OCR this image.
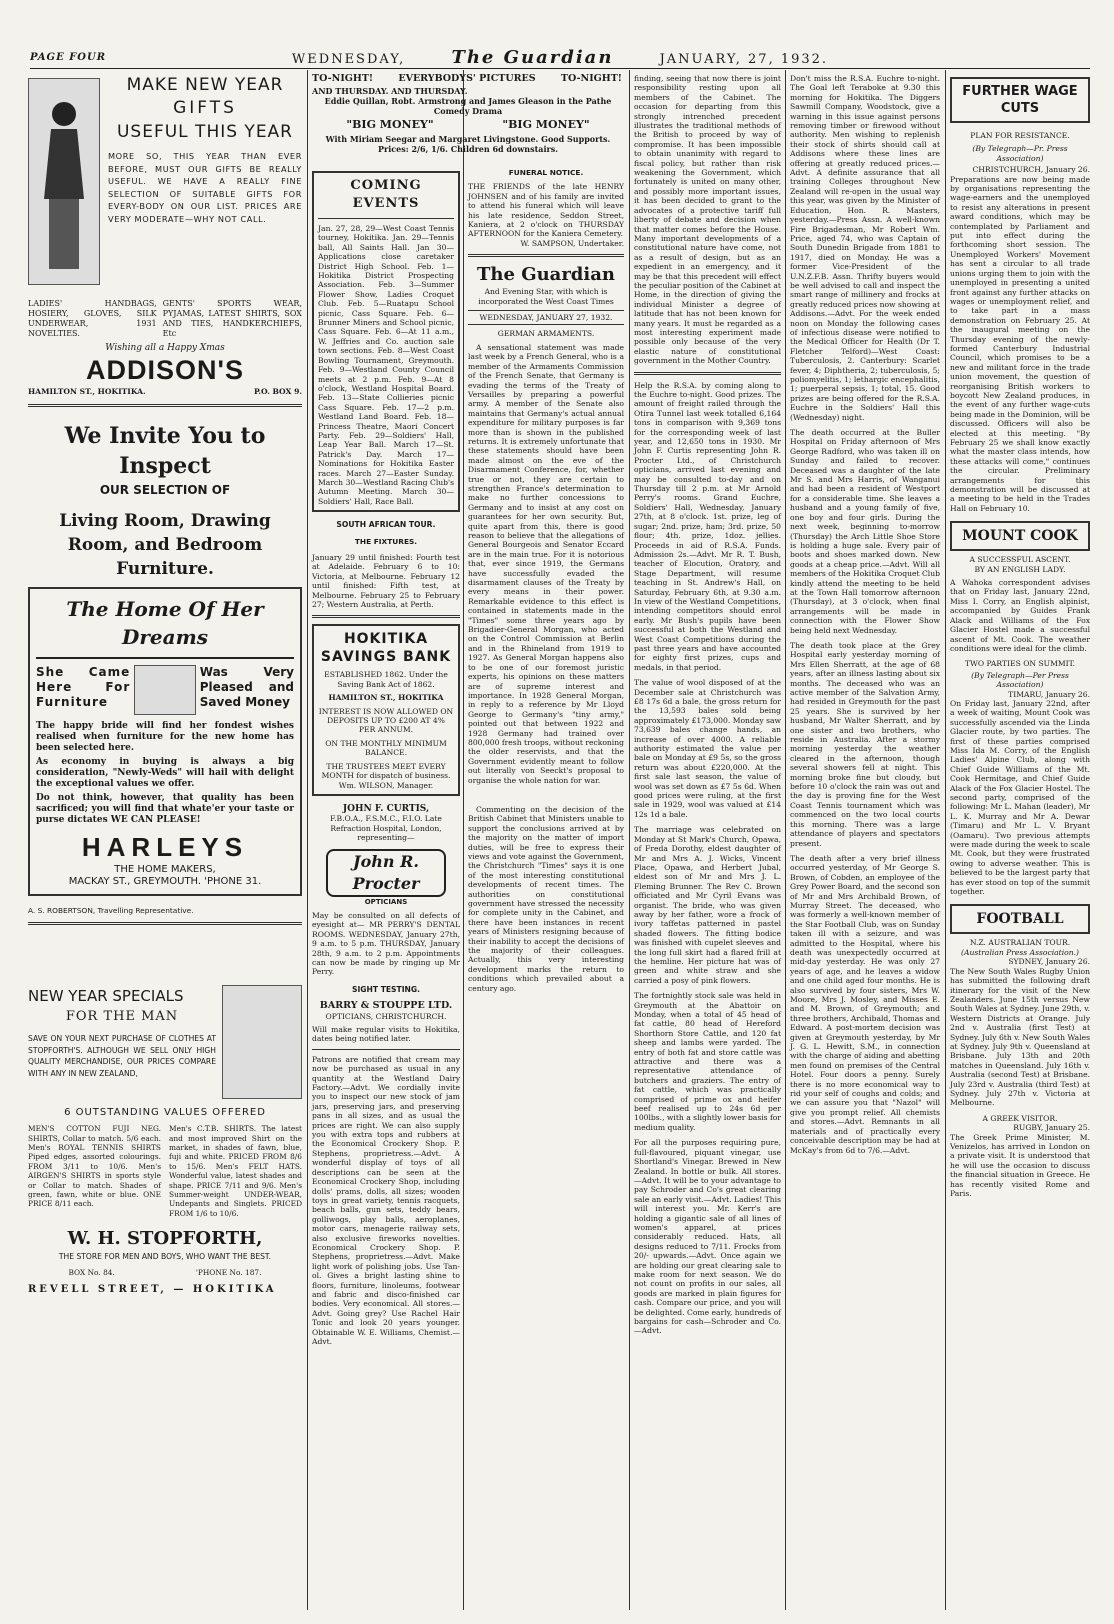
PAGE FOUR	WEDNESDAY,	The Guardian	JANUARY, 27, 1932.
MAKE NEW YEAR
GIFTS
USEFUL THIS YEAR
MORE SO, THIS YEAR THAN EVER BEFORE, MUST OUR GIFTS BE REALLY USEFUL. WE HAVE A REALLY FINE SELECTION OF SUITABLE GIFTS FOR EVERY-BODY ON OUR LIST. PRICES ARE VERY MODERATE—WHY NOT CALL.
LADIES' HANDBAGS, HOSIERY, GLOVES, SILK UNDERWEAR, 1931 NOVELTIES.
GENTS' SPORTS WEAR, PYJAMAS, LATEST SHIRTS, SOX AND TIES, HANDKERCHIEFS, Etc
Wishing all a Happy Xmas
ADDISON'S
HAMILTON ST., HOKITIKA.	P.O. BOX 9.
We Invite You to Inspect
OUR SELECTION OF
Living Room, Drawing Room, and Bedroom Furniture.
The Home Of Her Dreams
She Came Here For Furniture
Was Very Pleased and Saved Money
The happy bride will find her fondest wishes realised when furniture for the new home has been selected here.
As economy in buying is always a big consideration, "Newly-Weds" will hail with delight the exceptional values we offer.
Do not think, however, that quality has been sacrificed; you will find that whate'er your taste or purse dictates WE CAN PLEASE!
HARLEYS
THE HOME MAKERS,
MACKAY ST., GREYMOUTH. 'PHONE 31.
A. S. ROBERTSON, Travelling Representative.
NEW YEAR SPECIALS
FOR THE MAN
SAVE ON YOUR NEXT PURCHASE OF CLOTHES AT STOPFORTH'S. ALTHOUGH WE SELL ONLY HIGH QUALITY MERCHANDISE, OUR PRICES COMPARE WITH ANY IN NEW ZEALAND,
6 OUTSTANDING VALUES OFFERED
MEN'S COTTON FUJI NEG. SHIRTS, Collar to match. 5/6 each. Men's ROYAL TENNIS SHIRTS Piped edges, assorted colourings. FROM 3/11 to 10/6. Men's AIRGEN'S SHIRTS in sports style or Collar to match. Shades of green, fawn, white or blue. ONE PRICE 8/11 each.
Men's C.T.B. SHIRTS. The latest and most improved Shirt on the market, in shades of fawn, blue, fuji and white. PRICED FROM 8/6 to 15/6. Men's FELT HATS. Wonderful value, latest shades and shape. PRICE 7/11 and 9/6. Men's Summer-weight UNDER-WEAR, Undepants and Singlets. PRICED FROM 1/6 to 10/6.
W. H. STOPFORTH,
THE STORE FOR MEN AND BOYS, WHO WANT THE BEST.
BOX No. 84.	'PHONE No. 187.
REVELL STREET, — HOKITIKA
TO-NIGHT!	EVERYBODYS' PICTURES	TO-NIGHT!
AND THURSDAY. AND THURSDAY.
Eddie Quillan, Robt. Armstrong and James Gleason in the Pathe Comedy Drama
"BIG MONEY"	"BIG MONEY"
With Miriam Seegar and Margaret Livingstone. Good Supports. Prices: 2/6, 1/6. Children 6d downstairs.
COMING EVENTS
Jan. 27, 28, 29—West Coast Tennis tourney, Hokitika. Jan. 29—Tennis ball, All Saints Hall. Jan 30—Applications close caretaker District High School. Feb. 1—Hokitika District Prospecting Association. Feb. 3—Summer Flower Show, Ladies Croquet Club. Feb. 5—Ruatapu School picnic, Cass Square. Feb. 6—Brunner Miners and School picnic, Cass Square. Feb. 6—At 11 a.m., W. Jeffries and Co. auction sale town sections. Feb. 8—West Coast Bowling Tournament, Greymouth. Feb. 9—Westland County Council meets at 2 p.m. Feb. 9—At 8 o'clock, Westland Hospital Board. Feb. 13—State Collieries picnic Cass Square. Feb. 17—2 p.m. Westland Land Board. Feb. 18—Princess Theatre, Maori Concert Party. Feb. 29—Soldiers' Hall, Leap Year Ball. March 17—St. Patrick's Day. March 17—Nominations for Hokitika Easter races. March 27—Easter Sunday. March 30—Westland Racing Club's Autumn Meeting. March 30—Soldiers' Hall, Race Ball.
SOUTH AFRICAN TOUR.
THE FIXTURES.
January 29 until finished: Fourth test at Adelaide. February 6 to 10: Victoria, at Melbourne. February 12 until finished: Fifth test, at Melbourne. February 25 to February 27; Western Australia, at Perth.
HOKITIKA SAVINGS BANK
ESTABLISHED 1862. Under the Saving Bank Act of 1862.
HAMILTON ST., HOKITIKA
INTEREST IS NOW ALLOWED ON DEPOSITS UP TO £200 AT 4% PER ANNUM.
ON THE MONTHLY MINIMUM BALANCE.
THE TRUSTEES MEET EVERY MONTH for dispatch of business. Wm. WILSON, Manager.
JOHN F. CURTIS,
F.B.O.A., F.S.M.C., F.I.O. Late Refraction Hospital, London, representing—
John R. Procter
OPTICIANS
May be consulted on all defects of eyesight at— MR PERRY'S DENTAL ROOMS. WEDNESDAY, January 27th, 9 a.m. to 5 p.m. THURSDAY, January 28th, 9 a.m. to 2 p.m. Appointments can now be made by ringing up Mr Perry.
SIGHT TESTING.
BARRY & STOUPPE LTD.
OPTICIANS, CHRISTCHURCH.
Will make regular visits to Hokitika, dates being notified later.
Patrons are notified that cream may now be purchased as usual in any quantity at the Westland Dairy Factory.—Advt. We cordially invite you to inspect our new stock of jam jars, preserving jars, and preserving pans in all sizes, and as usual the prices are right. We can also supply you with extra tops and rubbers at the Economical Crockery Shop. P. Stephens, proprietress.—Advt. A wonderful display of toys of all descriptions can be seen at the Economical Crockery Shop, including dolls' prams, dolls, all sizes; wooden toys in great variety, tennis racquets, beach balls, gun sets, teddy bears, golliwogs, play balls, aeroplanes, motor cars, menagerie railway sets, also exclusive fireworks novelties. Economical Crockery Shop. P. Stephens, proprietress.—Advt. Make light work of polishing jobs. Use Tan-ol. Gives a bright lasting shine to floors, furniture, linoleums, footwear and fabric and disco-finished car bodies. Very economical. All stores.—Advt. Going grey? Use Rachel Hair Tonic and look 20 years younger. Obtainable W. E. Williams, Chemist.—Advt.
FUNERAL NOTICE.
THE FRIENDS of the late HENRY JOHNSEN and of his family are invited to attend his funeral which will leave his late residence, Seddon Street, Kaniera, at 2 o'clock on THURSDAY AFTERNOON for the Kaniera Cemetery.
W. SAMPSON, Undertaker.
The Guardian
And Evening Star, with which is incorporated the West Coast Times
WEDNESDAY, JANUARY 27, 1932.
GERMAN ARMAMENTS.
A sensational statement was made last week by a French General, who is a member of the Armaments Commission of the French Senate, that Germany is evading the terms of the Treaty of Versailles by preparing a powerful army. A member of the Senate also maintains that Germany's actual annual expenditure for military purposes is far more than is shown in the published returns. It is extremely unfortunate that these statements should have been made almost on the eve of the Disarmament Conference, for, whether true or not, they are certain to strengthen France's determination to make no further concessions to Germany and to insist at any cost on guarantees for her own security. But, quite apart from this, there is good reason to believe that the allegations of General Bourgeois and Senator Eccard are in the main true. For it is notorious that, ever since 1919, the Germans have successfully evaded the disarmament clauses of the Treaty by every means in their power. Remarkable evidence to this effect is contained in statements made in the "Times" some three years ago by Brigadier-General Morgan, who acted on the Control Commission at Berlin and in the Rhineland from 1919 to 1927. As General Morgan happens also to be one of our foremost juristic experts, his opinions on these matters are of supreme interest and importance. In 1928 General Morgan, in reply to a reference by Mr Lloyd George to Germany's "tiny army," pointed out that between 1922 and 1928 Germany had trained over 800,000 fresh troops, without reckoning the older reservists, and that the Government evidently meant to follow out literally von Seeckt's proposal to organise the whole nation for war.
Commenting on the decision of the British Cabinet that Ministers unable to support the conclusions arrived at by the majority on the matter of import duties, will be free to express their views and vote against the Government, the Christchurch "Times" says it is one of the most interesting constitutional developments of recent times. The authorities on constitutional government have stressed the necessity for complete unity in the Cabinet, and there have been instances in recent years of Ministers resigning because of their inability to accept the decisions of the majority of their colleagues. Actually, this very interesting development marks the return to conditions which prevailed about a century ago.
finding, seeing that now there is joint responsibility resting upon all members of the Cabinet. The occasion for departing from this strongly intrenched precedent illustrates the traditional methods of the British to proceed by way of compromise. It has been impossible to obtain unanimity with regard to fiscal policy, but rather than risk weakening the Government, which fortunately is united on many other, and possibly more important issues, it has been decided to grant to the advocates of a protective tariff full liberty of debate and decision when that matter comes before the House. Many important developments of a constitutional nature have come, not as a result of design, but as an expedient in an emergency, and it may be that this precedent will effect the peculiar position of the Cabinet at Home, in the direction of giving the individual Minister a degree of latitude that has not been known for many years. It must be regarded as a most interesting experiment made possible only because of the very elastic nature of constitutional government in the Mother Country.
Help the R.S.A. by coming along to the Euchre to-night. Good prizes. The amount of freight railed through the Otira Tunnel last week totalled 6,164 tons in comparison with 9,369 tons for the corresponding week of last year, and 12,650 tons in 1930. Mr John F. Curtis representing John R. Procter Ltd., of Christchurch opticians, arrived last evening and may be consulted to-day and on Thursday till 2 p.m. at Mr Arnold Perry's rooms. Grand Euchre, Soldiers' Hall, Wednesday, January 27th, at 8 o'clock. 1st. prize, leg of sugar; 2nd. prize, ham; 3rd. prize, 50 flour; 4th. prize, 1doz. jellies. Proceeds in aid of R.S.A. Funds. Admission 2s.—Advt. Mr R. T. Bush, teacher of Elocution, Oratory, and Stage Department, will resume teaching in St. Andrew's Hall, on Saturday, February 6th, at 9.30 a.m. In view of the Westland Competitions, intending competitors should enrol early. Mr Bush's pupils have been successful at both the Westland and West Coast Competitions during the past three years and have accounted for eighty first prizes, cups and medals, in that period.
The value of wool disposed of at the December sale at Christchurch was £8 17s 6d a bale, the gross return for the 13,593 bales sold being approximately £173,000. Monday saw 73,639 bales change hands, an increase of over 4000. A reliable authority estimated the value per bale on Monday at £9 5s, so the gross return was about £220,000. At the first sale last season, the value of wool was set down as £7 5s 6d. When good prices were ruling, at the first sale in 1929, wool was valued at £14 12s 1d a bale.
The marriage was celebrated on Monday at St Mark's Church, Opawa, of Freda Dorothy, eldest daughter of Mr and Mrs A. J. Wicks, Vincent Place, Opawa, and Herbert Jubal, eldest son of Mr and Mrs J. L. Fleming Brunner. The Rev C. Brown officiated and Mr Cyril Evans was organist. The bride, who was given away by her father, wore a frock of ivory taffetas patterned in pastel shaded flowers. The fitting bodice was finished with cupelet sleeves and the long full skirt had a flared frill at the hemline. Her picture hat was of green and white straw and she carried a posy of pink flowers.
The fortnightly stock sale was held in Greymouth at the Abattoir on Monday, when a total of 45 head of fat cattle, 80 head of Hereford Shorthorn Store Cattle, and 120 fat sheep and lambs were yarded. The entry of both fat and store cattle was attractive and there was a representative attendance of butchers and graziers. The entry of fat cattle, which was practically comprised of prime ox and heifer beef realised up to 24s 6d per 100lbs., with a slightly lower basis for medium quality.
For all the purposes requiring pure, full-flavoured, piquant vinegar, use Shortland's Vinegar. Brewed in New Zealand. In bottle or bulk. All stores.—Advt. It will be to your advantage to pay Schroder and Co's great clearing sale an early visit.—Advt. Ladies! This will interest you. Mr. Kerr's are holding a gigantic sale of all lines of women's apparel, at prices considerably reduced. Hats, all designs reduced to 7/11. Frocks from 20/- upwards.—Advt. Once again we are holding our great clearing sale to make room for next season. We do not count on profits in our sales, all goods are marked in plain figures for cash. Compare our price, and you will be delighted. Come early, hundreds of bargains for cash—Schroder and Co.—Advt.
Don't miss the R.S.A. Euchre to-night. The Goal left Teraboke at 9.30 this morning for Hokitika. The Diggers Sawmill Company, Woodstock, give a warning in this issue against persons removing timber or firewood without authority. Men wishing to replenish their stock of shirts should call at Addisons where these lines are offering at greatly reduced prices.—Advt. A definite assurance that all training Colleges throughout New Zealand will re-open in the usual way this year, was given by the Minister of Education, Hon. R. Masters, yesterday.—Press Assn. A well-known Fire Brigadesman, Mr Robert Wm. Price, aged 74, who was Captain of South Dunedin Brigade from 1881 to 1917, died on Monday. He was a former Vice-President of the U.N.Z.F.B. Assn. Thrifty buyers would be well advised to call and inspect the smart range of millinery and frocks at greatly reduced prices now showing at Addisons.—Advt. For the week ended noon on Monday the following cases of infectious disease were notified to the Medical Officer for Health (Dr T. Fletcher Telford)—West Coast: Tuberculosis, 2. Canterbury: Scarlet fever, 4; Diphtheria, 2; tuberculosis, 5; poliomyelitis, 1; lethargic encephalitis, 1; puerperal sepsis, 1; total, 15. Good prizes are being offered for the R.S.A. Euchre in the Soldiers' Hall this (Wednesday) night.
The death occurred at the Buller Hospital on Friday afternoon of Mrs George Radford, who was taken ill on Sunday and failed to recover. Deceased was a daughter of the late Mr S. and Mrs Harris, of Wanganui and had been a resident of Westport for a considerable time. She leaves a husband and a young family of five, one boy and four girls. During the next week, beginning to-morrow (Thursday) the Arch Little Shoe Store is holding a huge sale. Every pair of boots and shoes marked down. New goods at a cheap price.—Advt. Will all members of the Hokitika Croquet Club kindly attend the meeting to be held at the Town Hall tomorrow afternoon (Thursday), at 3 o'clock, when final arrangements will be made in connection with the Flower Show being held next Wednesday.
The death took place at the Grey Hospital early yesterday morning of Mrs Ellen Sherratt, at the age of 68 years, after an illness lasting about six months. The deceased who was an active member of the Salvation Army, had resided in Greymouth for the past 25 years. She is survived by her husband, Mr Walter Sherratt, and by one sister and two brothers, who reside in Australia. After a stormy morning yesterday the weather cleared in the afternoon, though several showers fell at night. This morning broke fine but cloudy, but before 10 o'clock the rain was out and the day is proving fine for the West Coast Tennis tournament which was commenced on the two local courts this morning. There was a large attendance of players and spectators present.
The death after a very brief illness occurred yesterday, of Mr George S. Brown, of Cobden, an employee of the Grey Power Board, and the second son of Mr and Mrs Archibald Brown, of Murray Street. The deceased, who was formerly a well-known member of the Star Football Club, was on Sunday taken ill with a seizure, and was admitted to the Hospital, where his death was unexpectedly occurred at mid-day yesterday. He was only 27 years of age, and he leaves a widow and one child aged four months. He is also survived by four sisters, Mrs W. Moore, Mrs J. Mosley, and Misses E. and M. Brown, of Greymouth; and three brothers, Archibald, Thomas and Edward. A post-mortem decision was given at Greymouth yesterday, by Mr J. G. L. Hewitt, S.M., in connection with the charge of aiding and abetting men found on premises of the Central Hotel. Four doors a penny. Surely there is no more economical way to rid your self of coughs and colds; and we can assure you that "Nazol" will give you prompt relief. All chemists and stores.—Advt. Remnants in all materials and of practically every conceivable description may be had at McKay's from 6d to 7/6.—Advt.
FURTHER WAGE CUTS
PLAN FOR RESISTANCE.
(By Telegraph—Pr. Press Association)
CHRISTCHURCH, January 26.
Preparations are now being made by organisations representing the wage-earners and the unemployed to resist any alterations in present award conditions, which may be contemplated by Parliament and put into effect during the forthcoming short session. The Unemployed Workers' Movement has sent a circular to all trade unions urging them to join with the unemployed in presenting a united front against any further attacks on wages or unemployment relief, and to take part in a mass demonstration on February 25. At the inaugural meeting on the Thursday evening of the newly-formed Canterbury Industrial Council, which promises to be a new and militant force in the trade union movement, the question of reorganising British workers to boycott New Zealand produces, in the event of any further wage-cuts being made in the Dominion, will be discussed. Officers will also be elected at this meeting. "By February 25 we shall know exactly what the master class intends, how these attacks will come," continues the circular. Preliminary arrangements for this demonstration will be discussed at a meeting to be held in the Trades Hall on February 10.
MOUNT COOK
A SUCCESSFUL ASCENT.
BY AN ENGLISH LADY.
A Wahoka correspondent advises that on Friday last, January 22nd, Miss I. Corry, an English alpinist, accompanied by Guides Frank Alack and Williams of the Fox Glacier Hostel made a successful ascent of Mt. Cook. The weather conditions were ideal for the climb.
TWO PARTIES ON SUMMIT.
(By Telegraph—Per Press Association)
TIMARU, January 26.
On Friday last, January 22nd, after a week of waiting, Mount Cook was successfully ascended via the Linda Glacier route, by two parties. The first of these parties comprised Miss Ida M. Corry, of the English Ladies' Alpine Club, along with Chief Guide Williams of the Mt. Cook Hermitage, and Chief Guide Alack of the Fox Glacier Hostel. The second party, comprised of the following: Mr L. Mahan (leader), Mr L. K. Murray and Mr A. Dewar (Timaru) and Mr L. V. Bryant (Oamaru). Two previous attempts were made during the week to scale Mt. Cook, but they were frustrated owing to adverse weather. This is believed to be the largest party that has ever stood on top of the summit together.
FOOTBALL
N.Z. AUSTRALIAN TOUR.
(Australian Press Association.)
SYDNEY, January 26.
The New South Wales Rugby Union has submitted the following draft itinerary for the visit of the New Zealanders. June 15th versus New South Wales at Sydney. June 29th, v. Western Districts at Orange. July 2nd v. Australia (first Test) at Sydney. July 6th v. New South Wales at Sydney. July 9th v. Queensland at Brisbane. July 13th and 20th matches in Queensland. July 16th v. Australia (second Test) at Brisbane. July 23rd v. Australia (third Test) at Sydney. July 27th v. Victoria at Melbourne.
A GREEK VISITOR.
RUGBY, January 25.
The Greek Prime Minister, M. Venizelos, has arrived in London on a private visit. It is understood that he will use the occasion to discuss the financial situation in Greece. He has recently visited Rome and Paris.
